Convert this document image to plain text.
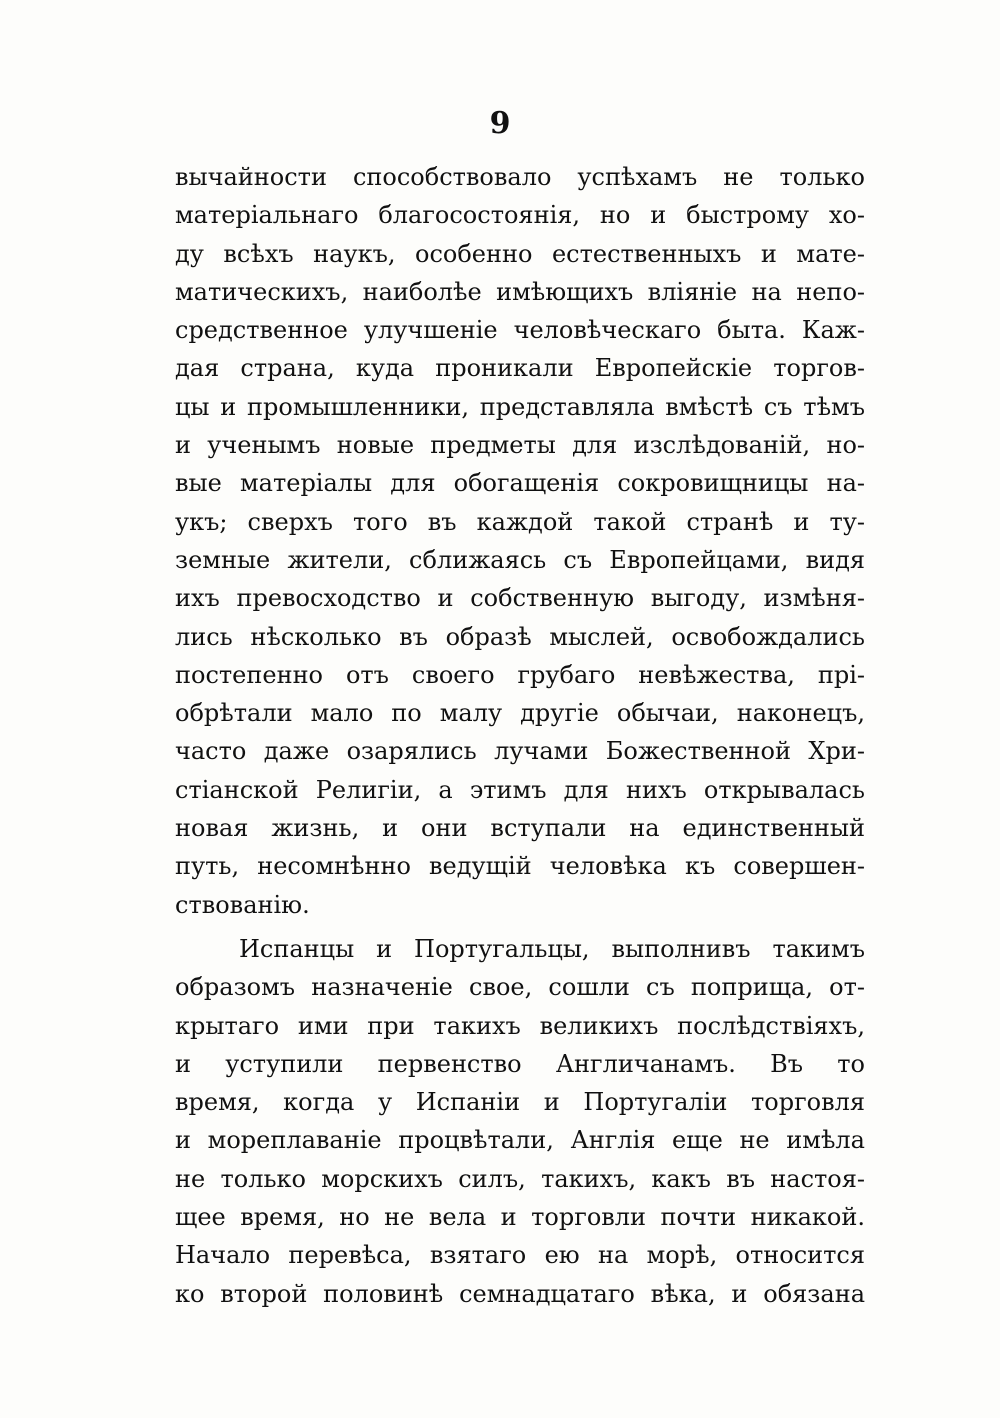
9
вычайности способствовало успѣхамъ не только
матеріальнаго благосостоянія, но и быстрому хо-
ду всѣхъ наукъ, особенно естественныхъ и мате-
матическихъ, наиболѣе имѣющихъ вліяніе на непо-
средственное улучшеніе человѣческаго быта. Каж-
дая страна, куда проникали Европейскіе торгов-
цы и промышленники, представляла вмѣстѣ съ тѣмъ
и ученымъ новые предметы для изслѣдованій, но-
вые матеріалы для обогащенія сокровищницы на-
укъ; сверхъ того въ каждой такой странѣ и ту-
земные жители, сближаясь съ Европейцами, видя
ихъ превосходство и собственную выгоду, измѣня-
лись нѣсколько въ образѣ мыслей, освобождались
постепенно отъ своего грубаго невѣжества, прі-
обрѣтали мало по малу другіе обычаи, наконецъ,
часто даже озарялись лучами Божественной Хри-
стіанской Религіи, а этимъ для нихъ открывалась
новая жизнь, и они вступали на единственный
путь, несомнѣнно ведущій человѣка къ совершен-
ствованію.
Испанцы и Португальцы, выполнивъ такимъ
образомъ назначеніе свое, сошли съ поприща, от-
крытаго ими при такихъ великихъ послѣдствіяхъ,
и уступили первенство Англичанамъ. Въ то
время, когда у Испаніи и Португаліи торговля
и мореплаваніе процвѣтали, Англія еще не имѣла
не только морскихъ силъ, такихъ, какъ въ настоя-
щее время, но не вела и торговли почти никакой.
Начало перевѣса, взятаго ею на морѣ, относится
ко второй половинѣ семнадцатаго вѣка, и обязана
